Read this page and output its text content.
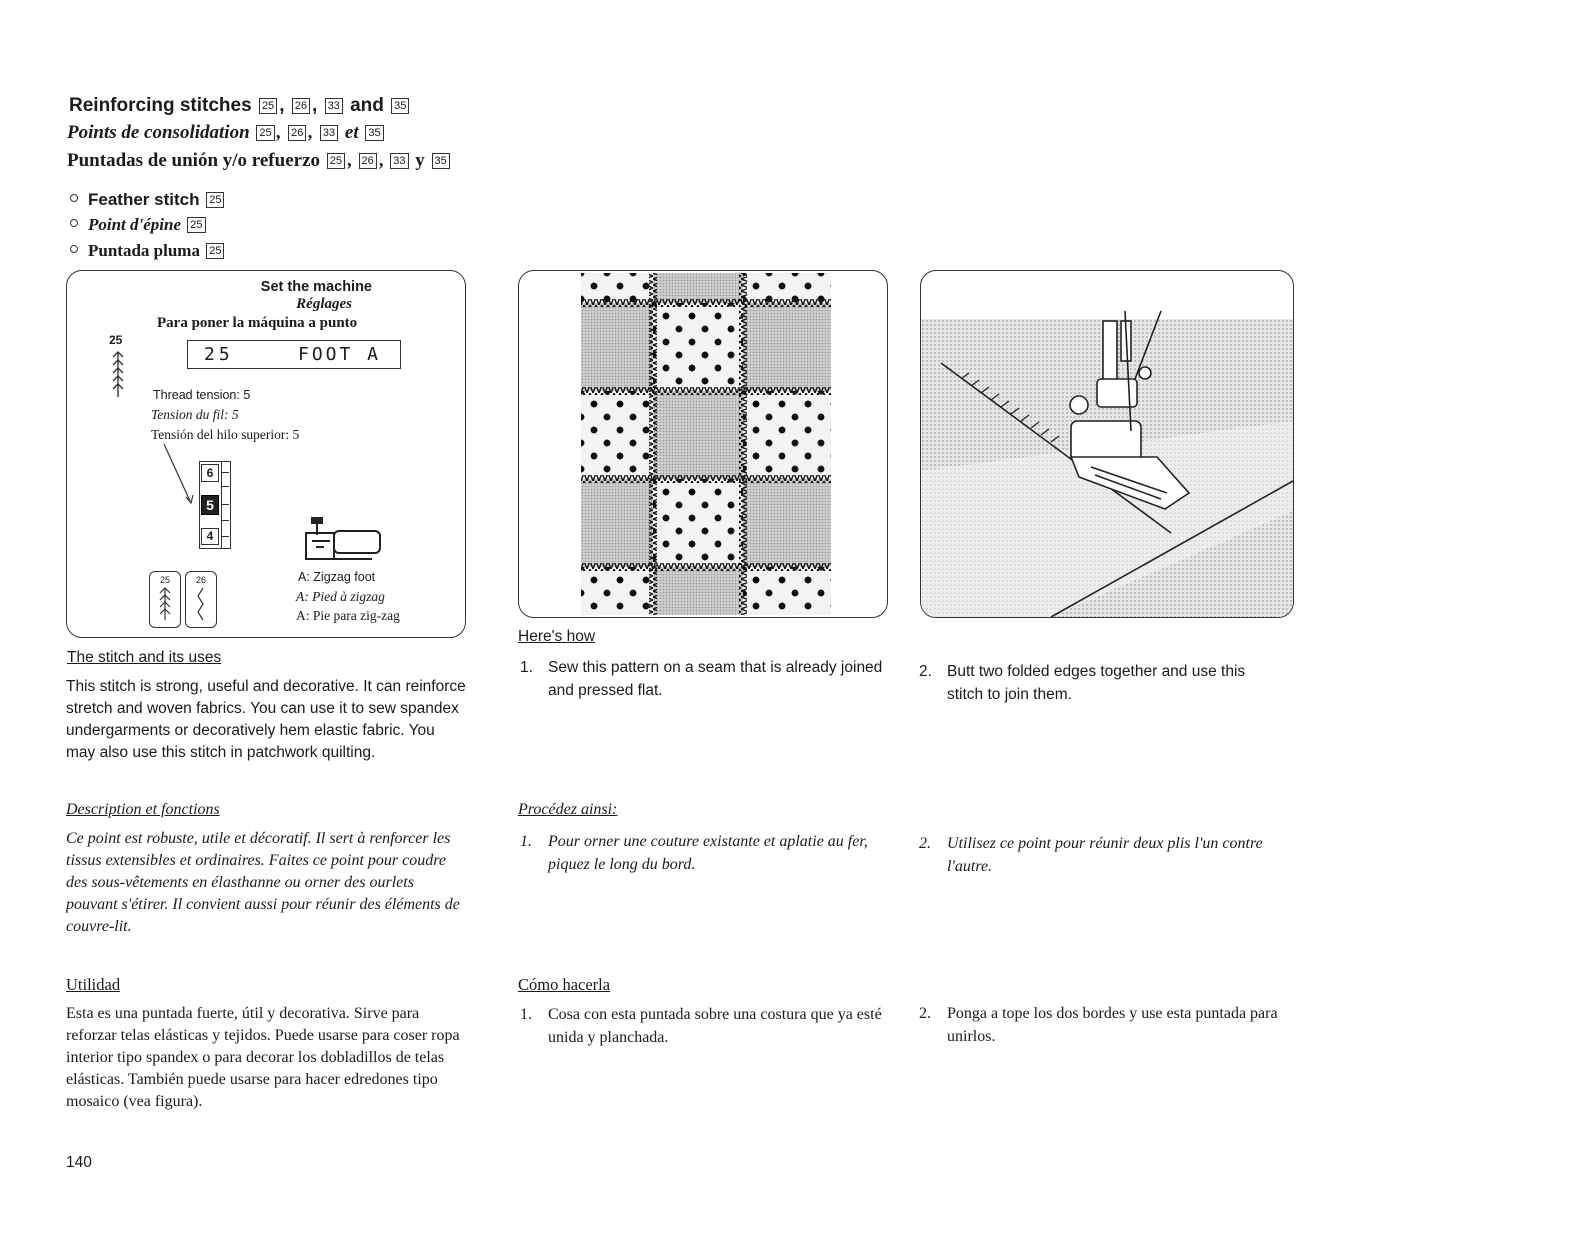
Reinforcing stitches 25 , 26 , 33 and 35
Points de consolidation 25 , 26 , 33 et 35
Puntadas de unión y/o refuerzo 25 , 26 , 33 y 35
Feather stitch 25
Point d'épine 25
Puntada pluma 25
Set the machine
Réglages
Para poner la máquina a punto
25
25	FOOT A
Thread tension: 5
Tension du fil: 5
Tensión del hilo superior: 5
6
5
4
25	26	A: Zigzag foot
A: Pied à zigzag
A: Pie para zig-zag
The stitch and its uses
This stitch is strong, useful and decorative. It can reinforce stretch and woven fabrics. You can use it to sew spandex undergarments or decoratively hem elastic fabric. You may also use this stitch in patchwork quilting.
Description et fonctions
Ce point est robuste, utile et décoratif. Il sert à renforcer les tissus extensibles et ordinaires. Faites ce point pour coudre des sous-vêtements en élasthanne ou orner des ourlets pouvant s'étirer. Il convient aussi pour réunir des éléments de couvre-lit.
Utilidad
Esta es una puntada fuerte, útil y decorativa. Sirve para reforzar telas elásticas y tejidos. Puede usarse para coser ropa interior tipo spandex o para decorar los dobladillos de telas elásticas. También puede usarse para hacer edredones tipo mosaico (vea figura).
140
Here's how
1. Sew this pattern on a seam that is already joined and pressed flat.
2. Butt two folded edges together and use this stitch to join them.
Procédez ainsi:
1.	Pour orner une couture existante et aplatie au fer, piquez le long du bord.
2.	Utilisez ce point pour réunir deux plis l'un contre l'autre.
Cómo hacerla
1.	Cosa con esta puntada sobre una costura que ya esté unida y planchada.
2.	Ponga a tope los dos bordes y use esta puntada para unirlos.
